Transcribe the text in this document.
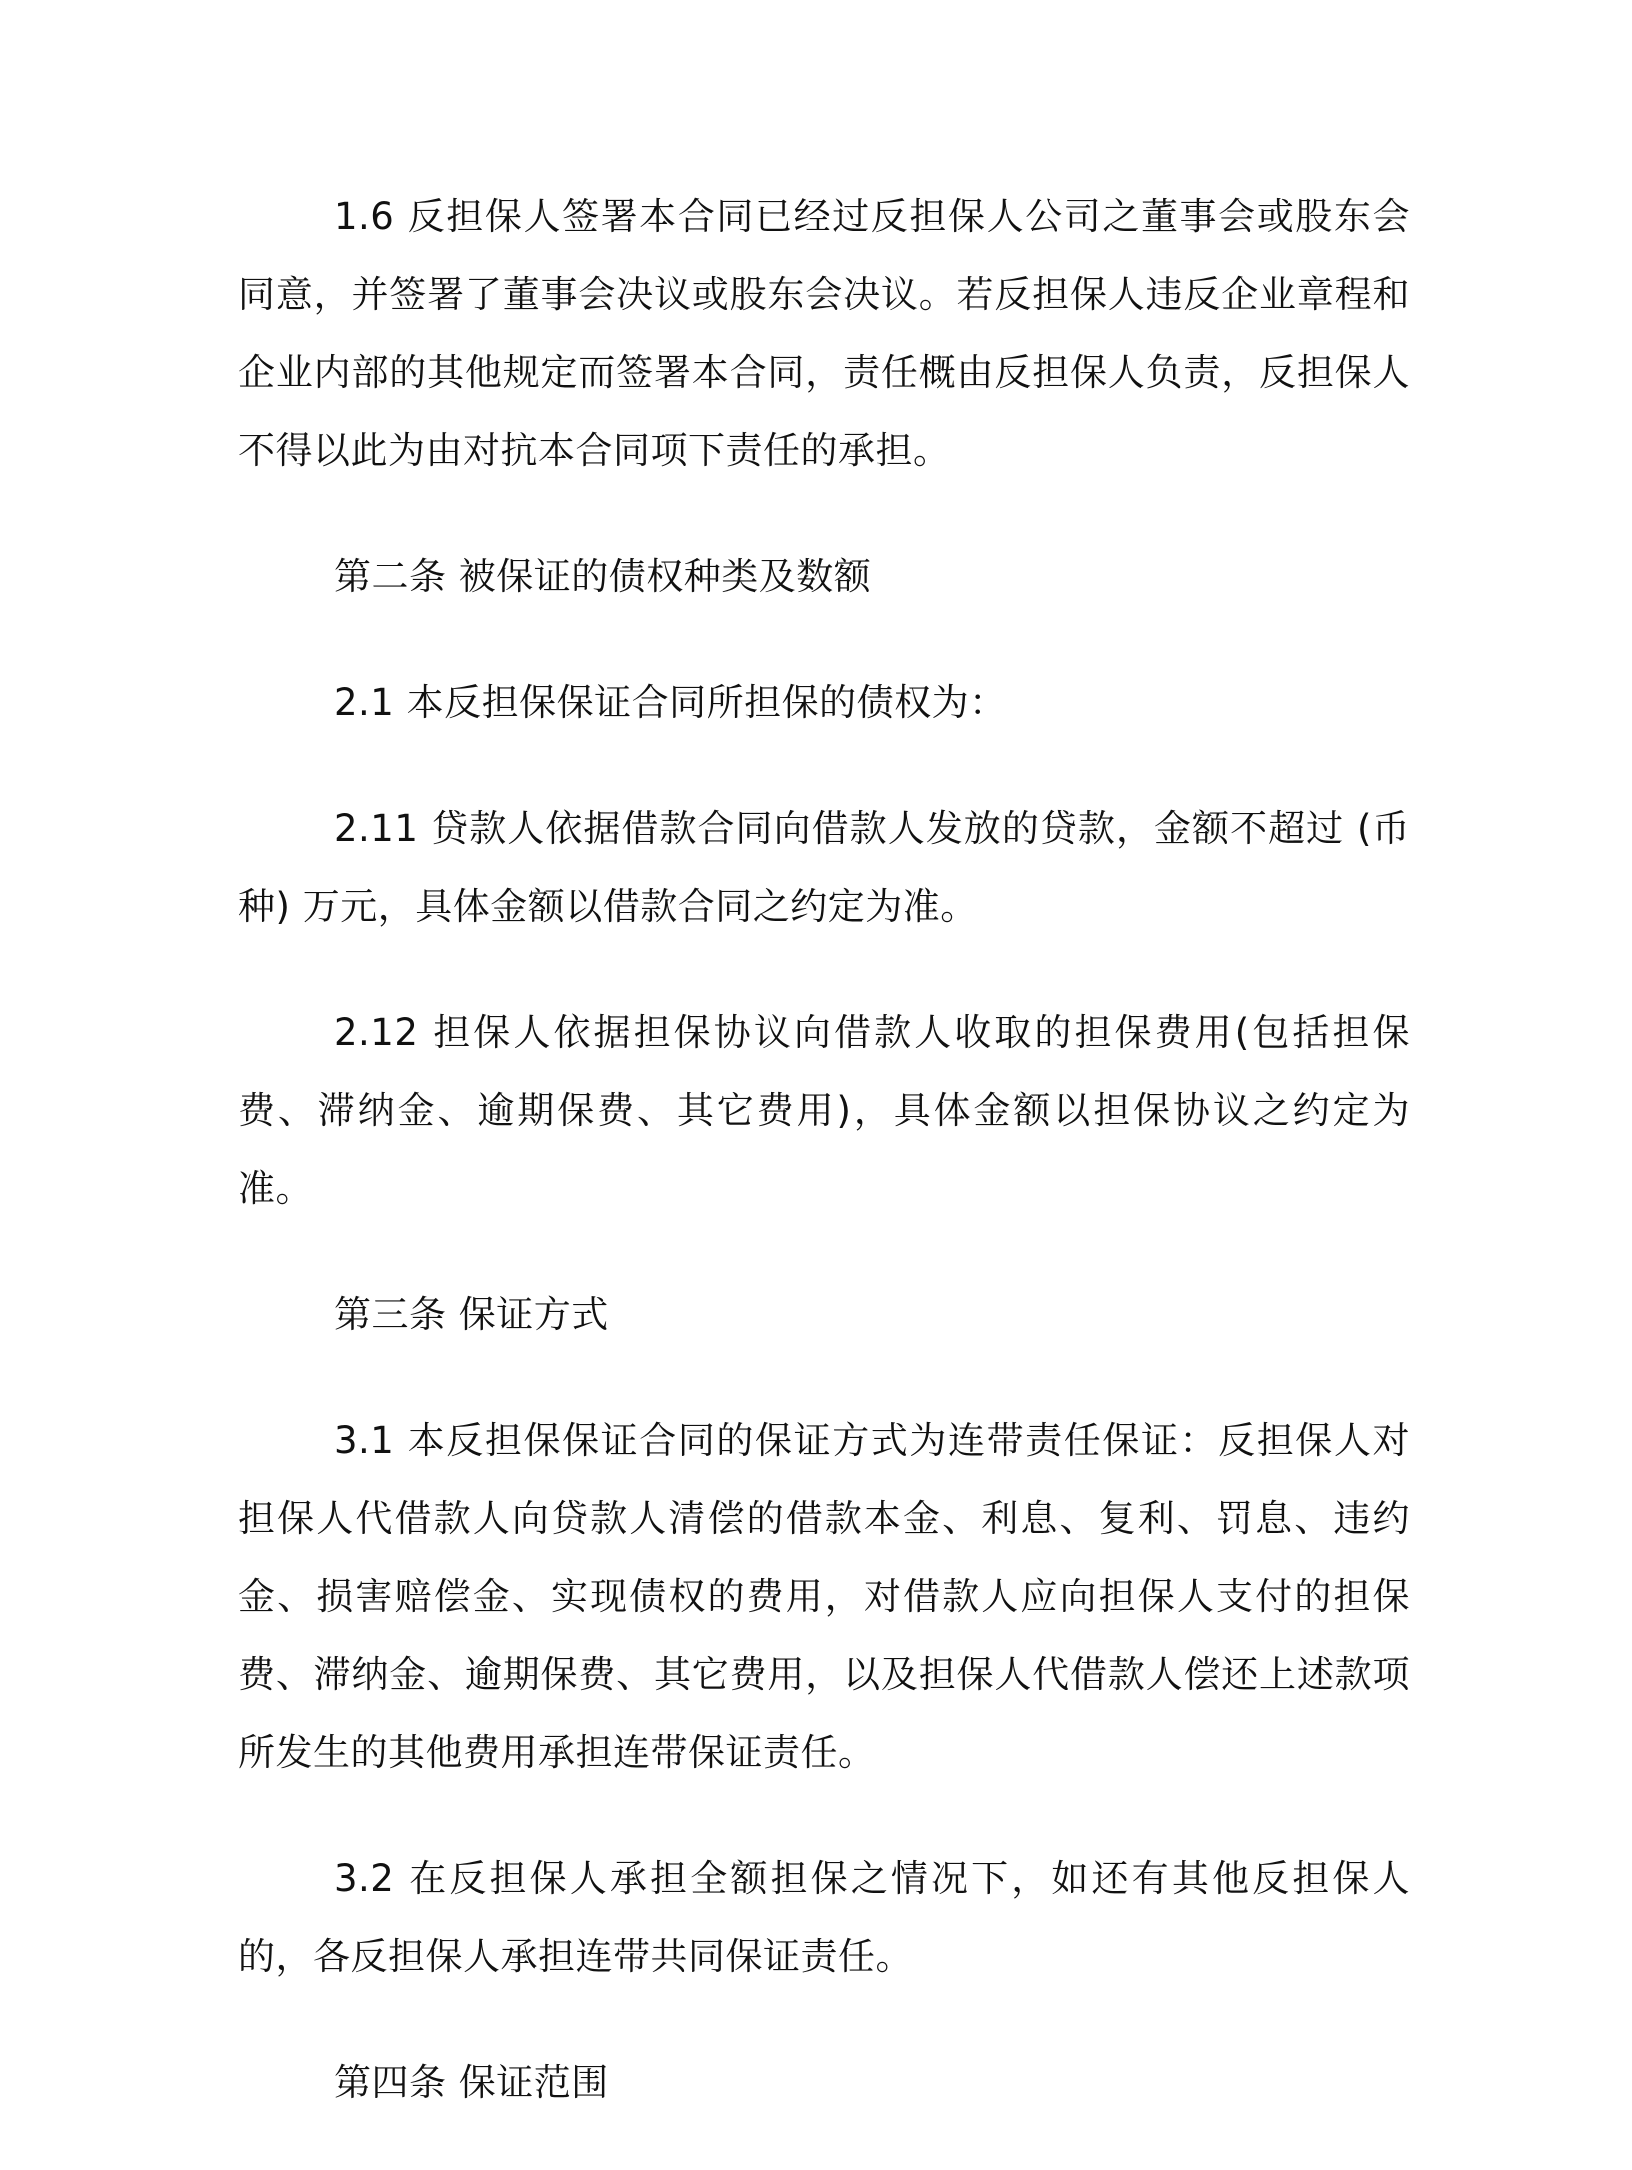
1.6 反担保人签署本合同已经过反担保人公司之董事会或股东会同意，并签署了董事会决议或股东会决议。若反担保人违反企业章程和企业内部的其他规定而签署本合同，责任概由反担保人负责，反担保人不得以此为由对抗本合同项下责任的承担。

第二条 被保证的债权种类及数额

2.1 本反担保保证合同所担保的债权为：

2.11 贷款人依据借款合同向借款人发放的贷款，金额不超过 (币种) 万元，具体金额以借款合同之约定为准。

2.12 担保人依据担保协议向借款人收取的担保费用(包括担保费、滞纳金、逾期保费、其它费用)，具体金额以担保协议之约定为准。

第三条 保证方式

3.1 本反担保保证合同的保证方式为连带责任保证：反担保人对担保人代借款人向贷款人清偿的借款本金、利息、复利、罚息、违约金、损害赔偿金、实现债权的费用，对借款人应向担保人支付的担保费、滞纳金、逾期保费、其它费用，以及担保人代借款人偿还上述款项所发生的其他费用承担连带保证责任。

3.2 在反担保人承担全额担保之情况下，如还有其他反担保人的，各反担保人承担连带共同保证责任。

第四条 保证范围
